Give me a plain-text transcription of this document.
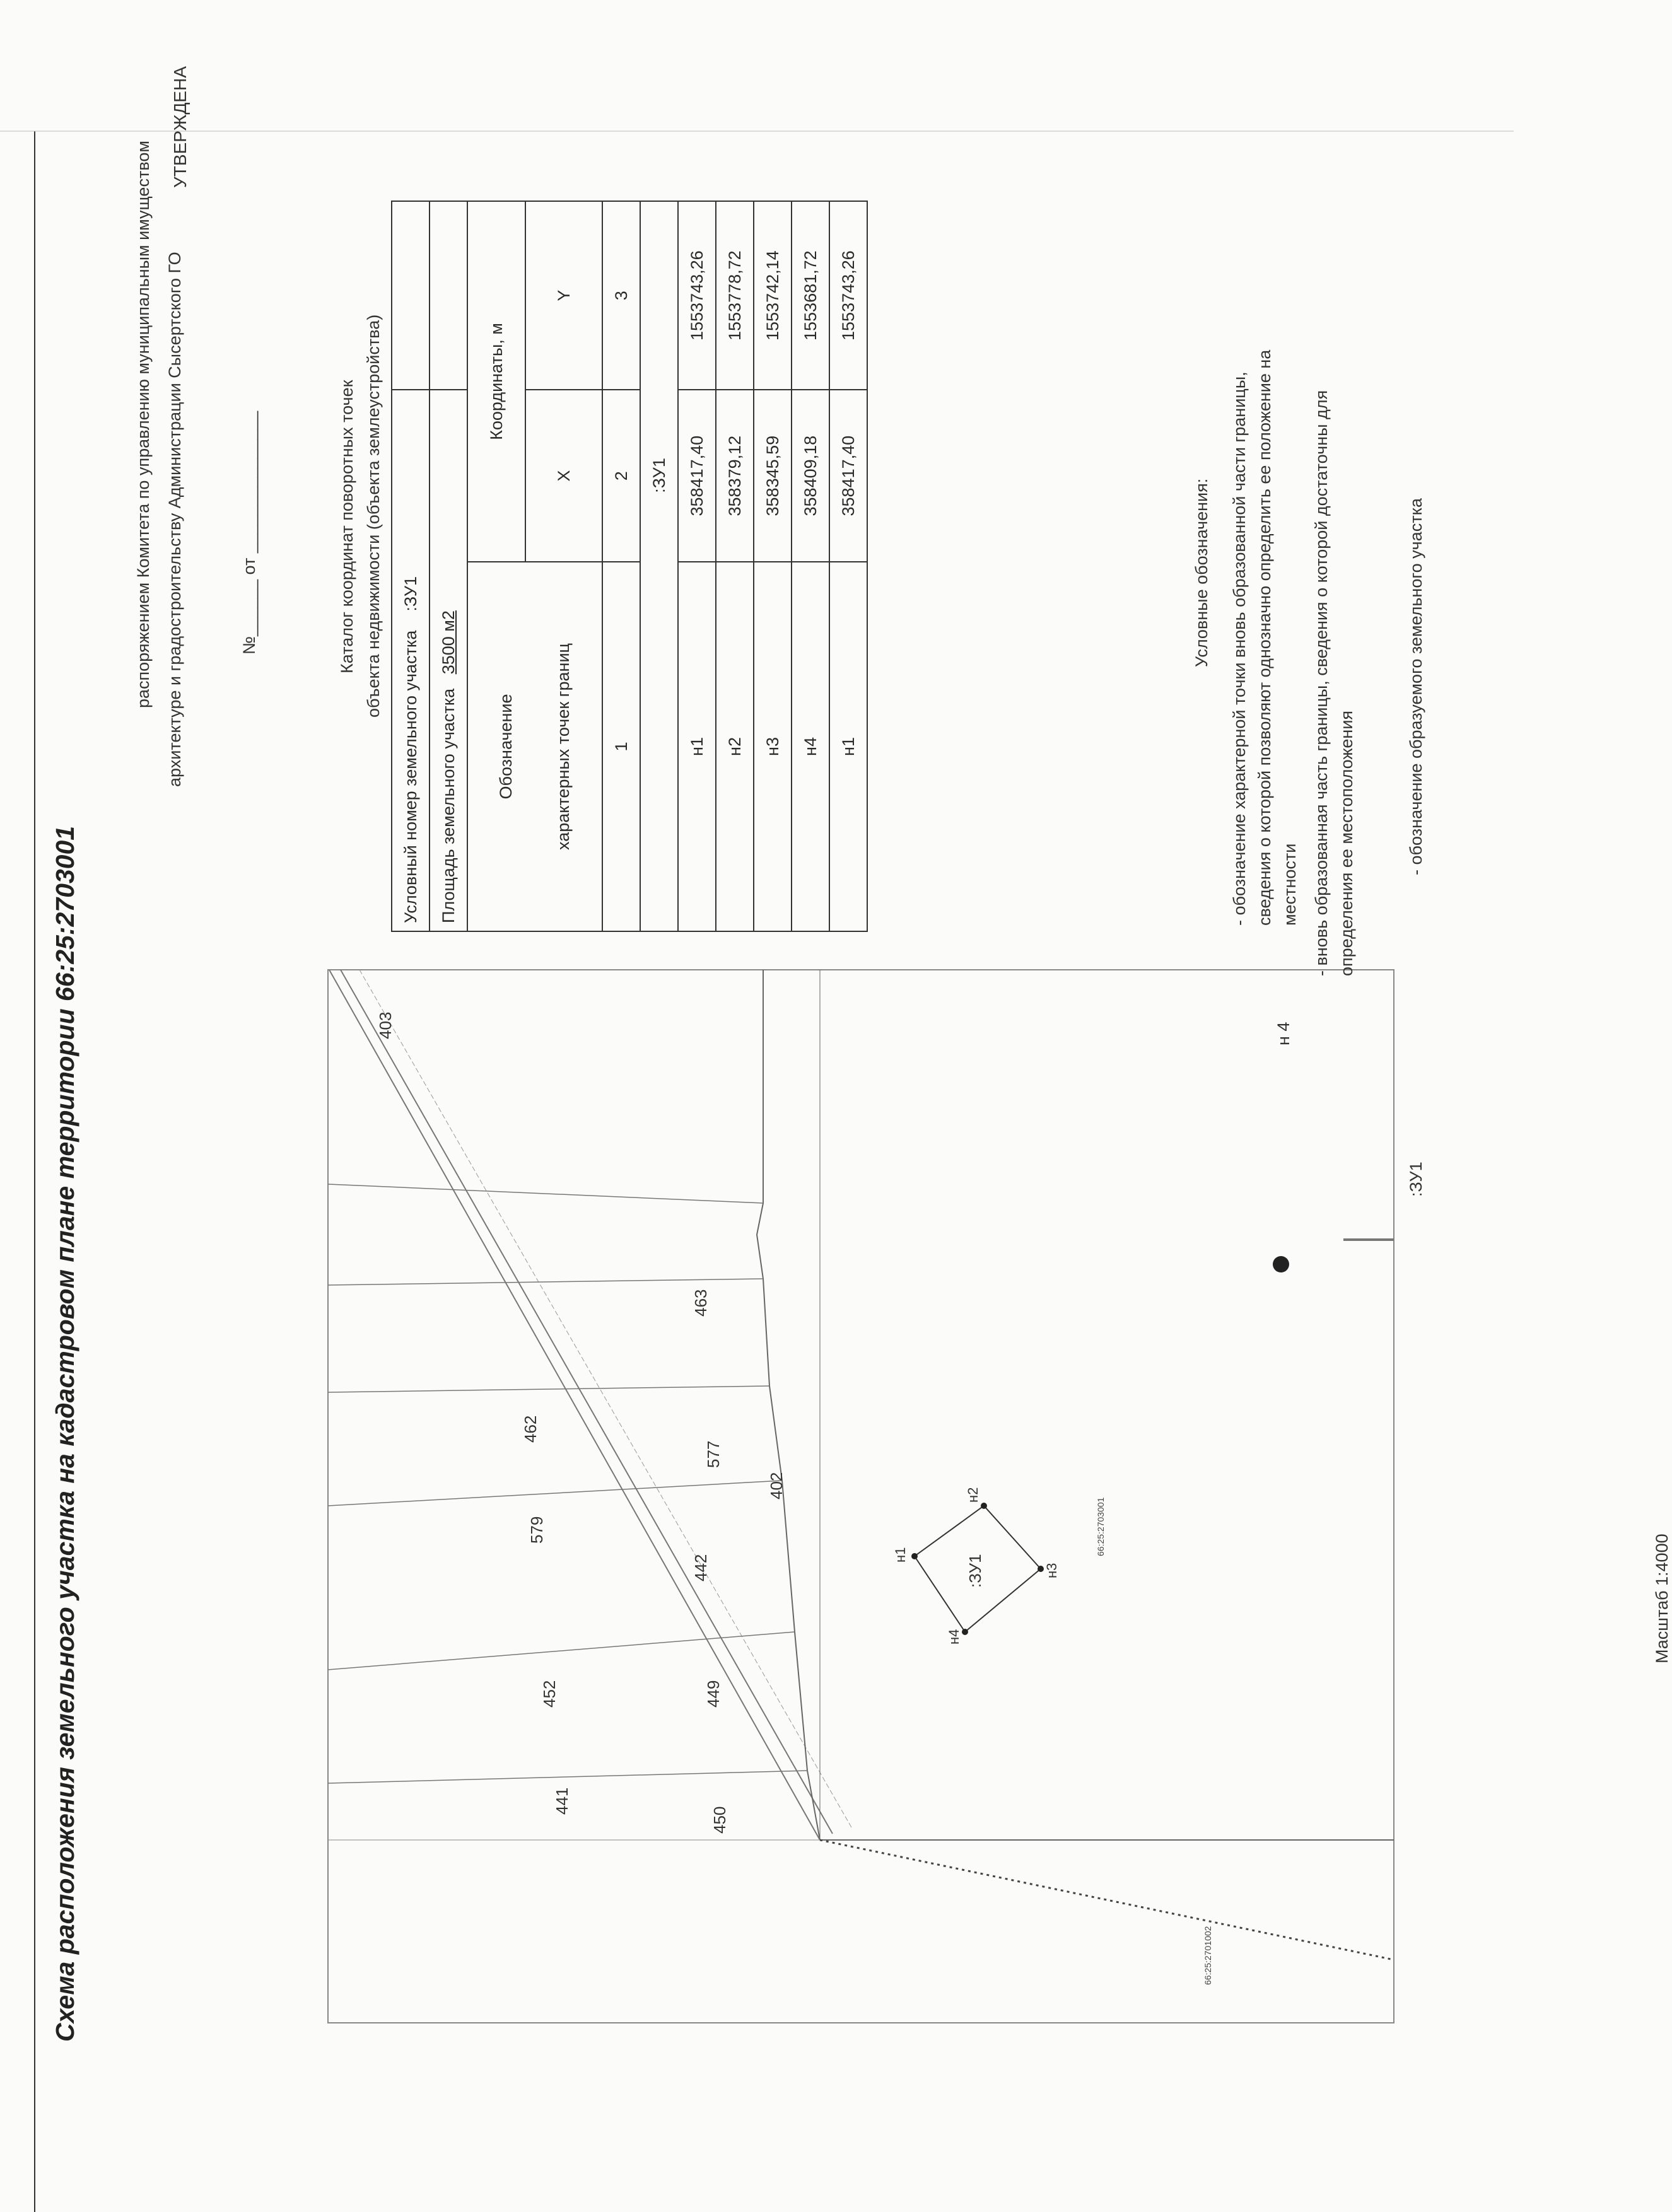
Схема расположения земельного участка на кадастровом плане территории 66:25:2703001
УТВЕРЖДЕНА
распоряжением Комитета по управлению муниципальным имуществом архитектуре и градостроительству Администрации Сысертского ГО	№______ от _______________	Каталог координат поворотных точек объекта недвижимости (объекта землеустройства)
Условный номер земельного участка    :ЗУ1		
Площадь земельного участка   3500 м2		

Обозначение характерных точек границ	Координаты, м	
	X	Y
1	2	3
:ЗУ1		
н1	358417,40	1553743,26
н2	358379,12	1553778,72
н3	358345,59	1553742,14
н4	358409,18	1553681,72
н1	358417,40	1553743,26
н4
н1
н2
н3
:ЗУ1
441
452
579
462
450
449
442
577
463
402
403
66:25:2703001
66:25:2701002
Масштаб 1:4000
Условные обозначения: - обозначение характерной точки вновь образованной части границы, сведения о которой позволяют однозначно определить ее положение на местности
н 4
- вновь образованная часть границы, сведения о которой достаточны для определения ее местоположения	- обозначение образуемого земельного участка
:ЗУ1
